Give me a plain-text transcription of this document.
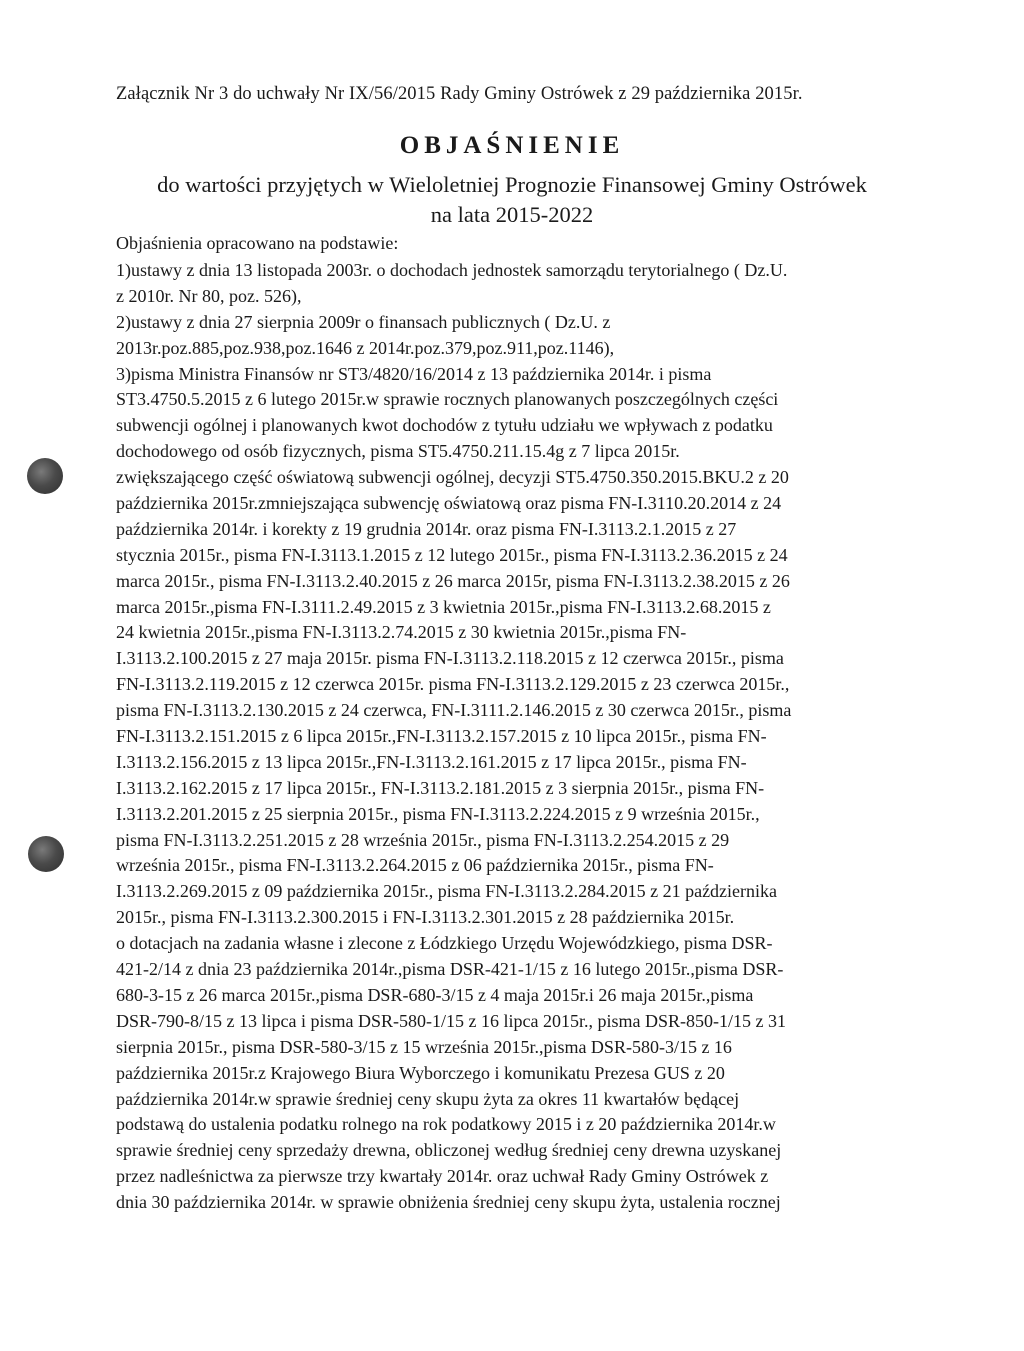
Załącznik Nr 3 do uchwały Nr IX/56/2015 Rady Gminy Ostrówek z 29 października 2015r.
OBJAŚNIENIE
do wartości przyjętych w Wieloletniej Prognozie Finansowej Gminy Ostrówek
na lata 2015-2022
Objaśnienia opracowano na podstawie:
1)ustawy z dnia 13 listopada 2003r. o dochodach jednostek samorządu terytorialnego ( Dz.U.
z 2010r. Nr 80, poz. 526),
2)ustawy z dnia 27 sierpnia 2009r o finansach publicznych ( Dz.U. z
2013r.poz.885,poz.938,poz.1646 z 2014r.poz.379,poz.911,poz.1146),
3)pisma Ministra Finansów nr ST3/4820/16/2014 z 13 października 2014r. i pisma
ST3.4750.5.2015 z 6 lutego 2015r.w sprawie rocznych planowanych poszczególnych części
subwencji ogólnej i planowanych kwot dochodów z tytułu udziału we wpływach z podatku
dochodowego od osób fizycznych, pisma ST5.4750.211.15.4g z 7 lipca 2015r.
zwiększającego część oświatową subwencji ogólnej, decyzji ST5.4750.350.2015.BKU.2 z 20
października 2015r.zmniejszająca subwencję oświatową oraz pisma FN-I.3110.20.2014 z 24
października 2014r. i korekty z 19 grudnia 2014r. oraz pisma FN-I.3113.2.1.2015 z 27
stycznia 2015r., pisma FN-I.3113.1.2015 z 12 lutego 2015r., pisma FN-I.3113.2.36.2015 z 24
marca 2015r., pisma FN-I.3113.2.40.2015 z 26 marca 2015r, pisma FN-I.3113.2.38.2015 z 26
marca 2015r.,pisma FN-I.3111.2.49.2015 z 3 kwietnia 2015r.,pisma FN-I.3113.2.68.2015 z
24 kwietnia 2015r.,pisma FN-I.3113.2.74.2015 z 30 kwietnia 2015r.,pisma FN-
I.3113.2.100.2015 z 27 maja 2015r. pisma FN-I.3113.2.118.2015 z 12 czerwca 2015r., pisma
FN-I.3113.2.119.2015 z 12 czerwca 2015r. pisma FN-I.3113.2.129.2015 z 23 czerwca 2015r.,
pisma FN-I.3113.2.130.2015 z 24 czerwca, FN-I.3111.2.146.2015 z 30 czerwca 2015r., pisma
FN-I.3113.2.151.2015 z 6 lipca 2015r.,FN-I.3113.2.157.2015 z 10 lipca 2015r., pisma FN-
I.3113.2.156.2015 z 13 lipca 2015r.,FN-I.3113.2.161.2015 z 17 lipca 2015r., pisma FN-
I.3113.2.162.2015 z 17 lipca 2015r., FN-I.3113.2.181.2015 z 3 sierpnia 2015r., pisma FN-
I.3113.2.201.2015 z 25 sierpnia 2015r., pisma FN-I.3113.2.224.2015 z 9 września 2015r.,
pisma FN-I.3113.2.251.2015 z 28 września 2015r., pisma FN-I.3113.2.254.2015 z 29
września 2015r., pisma FN-I.3113.2.264.2015 z 06 października 2015r., pisma FN-
I.3113.2.269.2015 z 09 października 2015r., pisma FN-I.3113.2.284.2015 z 21 października
2015r., pisma FN-I.3113.2.300.2015 i FN-I.3113.2.301.2015 z 28 października 2015r.
o dotacjach na zadania własne i zlecone z Łódzkiego Urzędu Wojewódzkiego, pisma DSR-
421-2/14 z dnia 23 października 2014r.,pisma DSR-421-1/15 z 16 lutego 2015r.,pisma DSR-
680-3-15 z 26 marca 2015r.,pisma DSR-680-3/15 z 4 maja 2015r.i 26 maja 2015r.,pisma
DSR-790-8/15 z 13 lipca i pisma DSR-580-1/15 z 16 lipca 2015r., pisma DSR-850-1/15 z 31
sierpnia 2015r., pisma DSR-580-3/15 z 15 września 2015r.,pisma DSR-580-3/15 z 16
października 2015r.z Krajowego Biura Wyborczego i komunikatu Prezesa GUS z 20
października 2014r.w sprawie średniej ceny skupu żyta za okres 11 kwartałów będącej
podstawą do ustalenia podatku rolnego na rok podatkowy 2015 i z 20 października 2014r.w
sprawie średniej ceny sprzedaży drewna, obliczonej według średniej ceny drewna uzyskanej
przez nadleśnictwa za pierwsze trzy kwartały 2014r. oraz uchwał Rady Gminy Ostrówek z
dnia 30 października 2014r. w sprawie obniżenia średniej ceny skupu żyta, ustalenia rocznej
